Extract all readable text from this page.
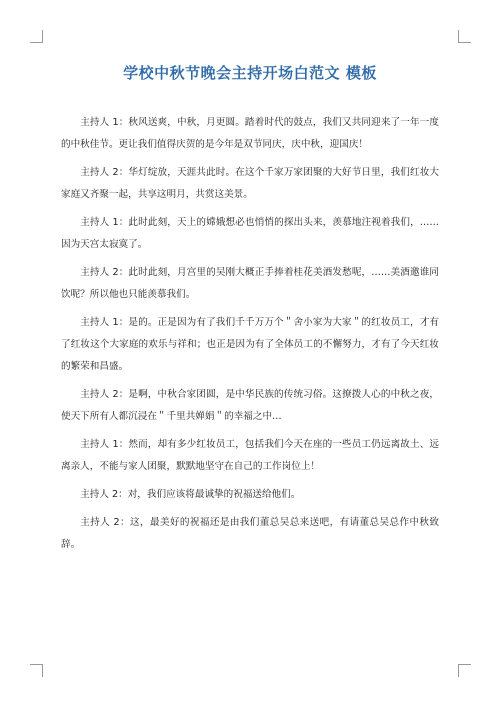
学校中秋节晚会主持开场白范文 模板

主持人 1：秋风送爽，中秋，月更圆。踏着时代的鼓点，我们又共同迎来了一年一度的中秋佳节。更让我们值得庆贺的是今年是双节同庆，庆中秋，迎国庆！

主持人 2：华灯绽放，天涯共此时。在这个千家万家团聚的大好节日里，我们红妆大家庭又齐聚一起，共享这明月，共赏这美景。

主持人 1：此时此刻，天上的嫦娥想必也悄悄的探出头来，羡慕地注视着我们，……因为天宫太寂寞了。

主持人 2：此时此刻，月宫里的吴刚大概正手捧着桂花美酒发愁呢，……美酒邀谁同饮呢？所以他也只能羡慕我们。

主持人 1：是的。正是因为有了我们千千万万个＂舍小家为大家＂的红妆员工，才有了红妆这个大家庭的欢乐与祥和；也正是因为有了全体员工的不懈努力，才有了今天红妆的繁荣和昌盛。

主持人 2：是啊，中秋合家团圆，是中华民族的传统习俗。这撩拨人心的中秋之夜，使天下所有人都沉浸在＂千里共婵娟＂的幸福之中…

主持人 1：然而，却有多少红妆员工，包括我们今天在座的一些员工仍远离故土、远离亲人，不能与家人团聚，默默地坚守在自己的工作岗位上！

主持人 2：对，我们应该将最诚挚的祝福送给他们。

主持人 2：这，最美好的祝福还是由我们董总吴总来送吧，有请董总吴总作中秋致辞。
